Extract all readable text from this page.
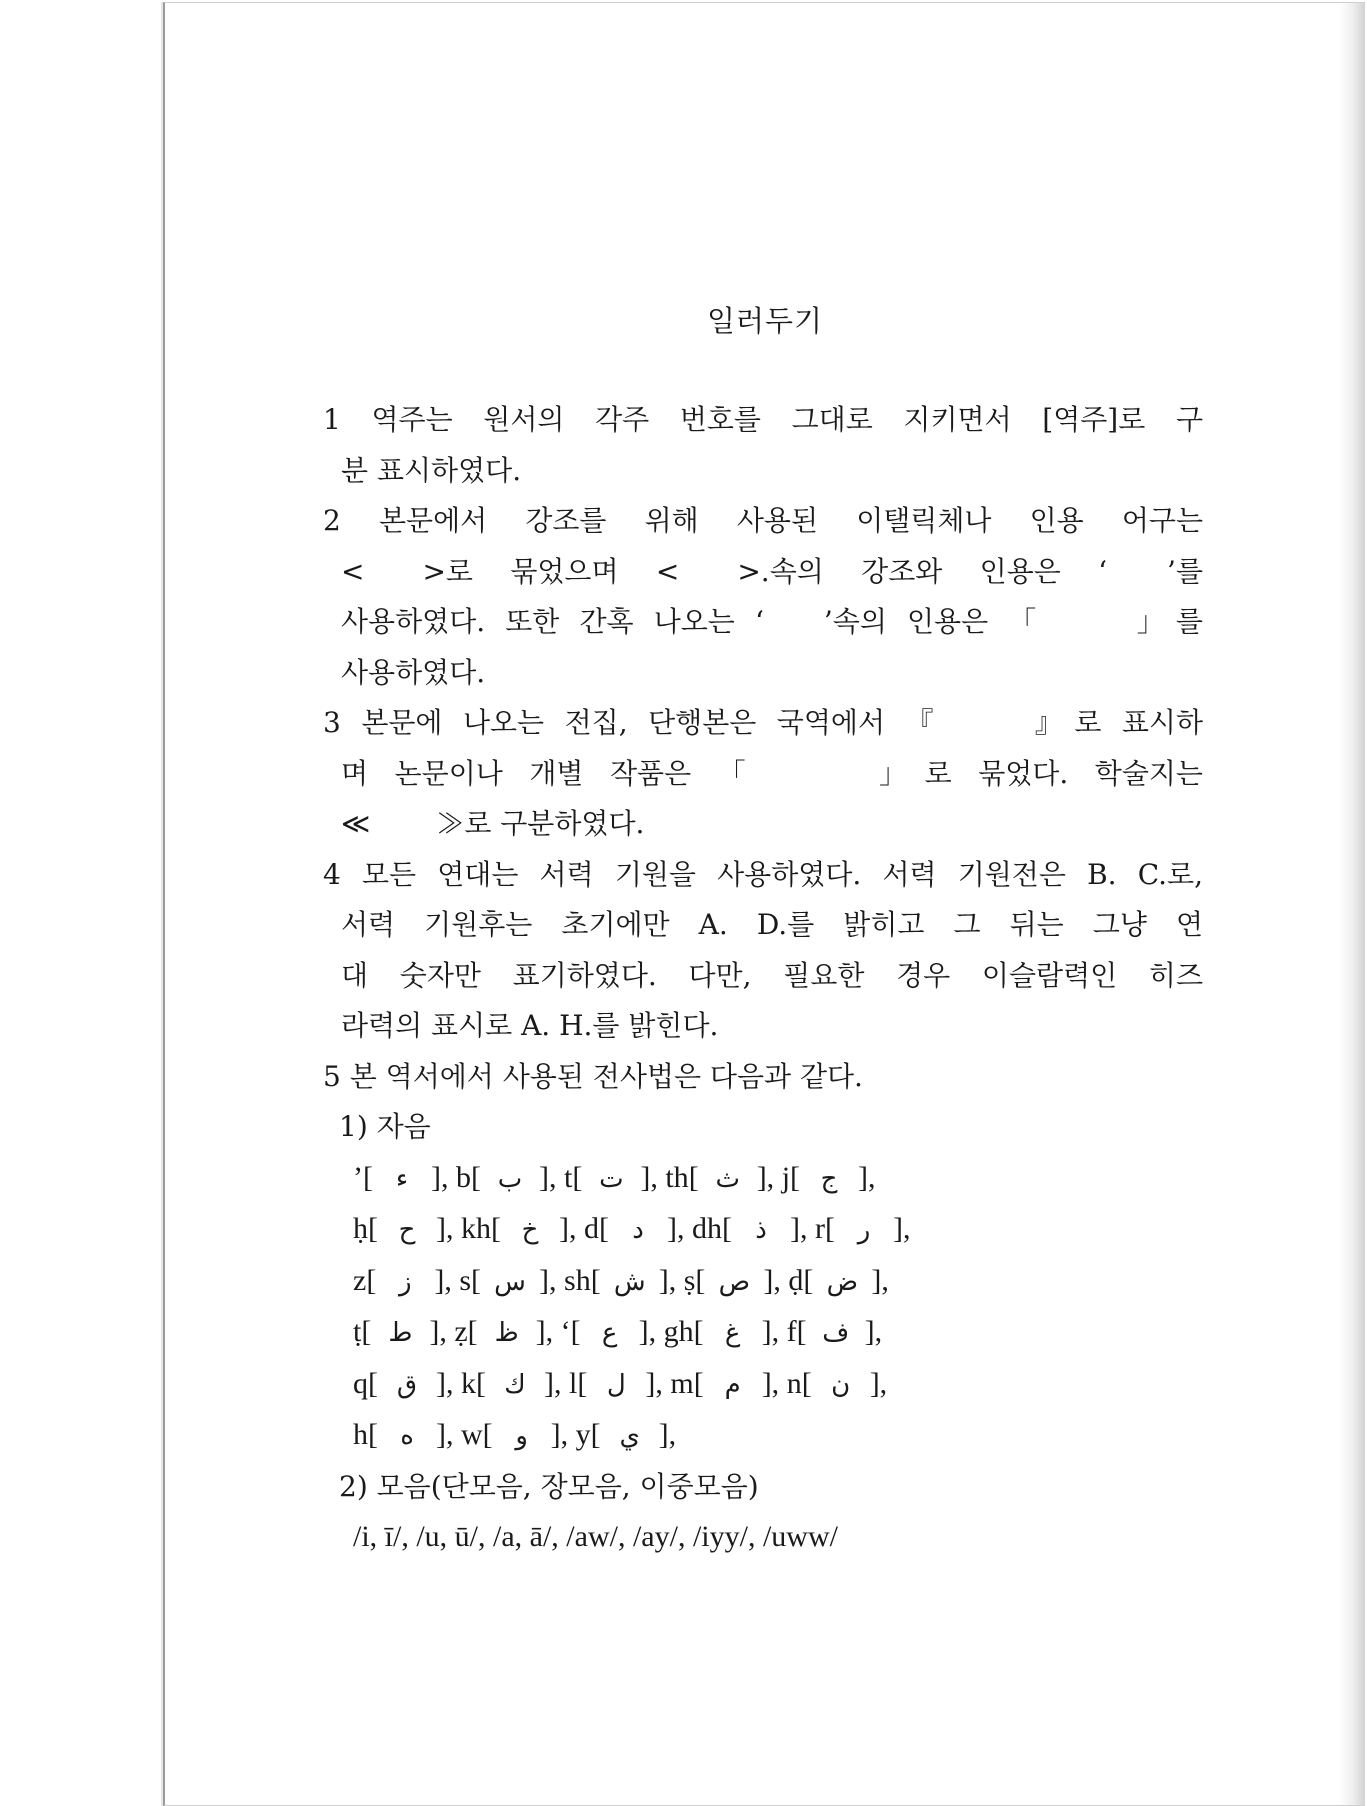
일러두기

1 역주는 원서의 각주 번호를 그대로 지키면서 [역주]로 구
분 표시하였다.

2 본문에서 강조를 위해 사용된 이탤릭체나 인용 어구는
< >로 묶었으며 < >.속의 강조와 인용은 ‘ ’를
사용하였다. 또한 간혹 나오는 ‘ ’속의 인용은 「	」를
사용하였다.

3 본문에 나오는 전집, 단행본은 국역에서 『	』로 표시하
며 논문이나 개별 작품은 「	」로 묶었다. 학술지는
≪ ≫로 구분하였다.

4 모든 연대는 서력 기원을 사용하였다. 서력 기원전은 B. C.로,
서력 기원후는 초기에만 A. D.를 밝히고 그 뒤는 그냥 연
대 숫자만 표기하였다. 다만, 필요한 경우 이슬람력인 히즈
라력의 표시로 A. H.를 밝힌다.

5 본 역서에서 사용된 전사법은 다음과 같다.

1) 자음
’[ ء ], b[ ب ], t[ ت ], th[ ث ], j[ ج ],
ḥ[ ح ], kh[ خ ], d[ د ], dh[ ذ ], r[ ر ],
z[ ز ], s[ س ], sh[ ش ], ṣ[ ص ], ḍ[ ض ],
ṭ[ ط ], ẓ[ ظ ], ‘[ ع ], gh[ غ ], f[ ف ],
q[ ق ], k[ ك ], l[ ل ], m[ م ], n[ ن ],
h[ ه ], w[ و ], y[ ي ],
2) 모음(단모음, 장모음, 이중모음)
/i, ī/, /u, ū/, /a, ā/, /aw/, /ay/, /iyy/, /uww/
